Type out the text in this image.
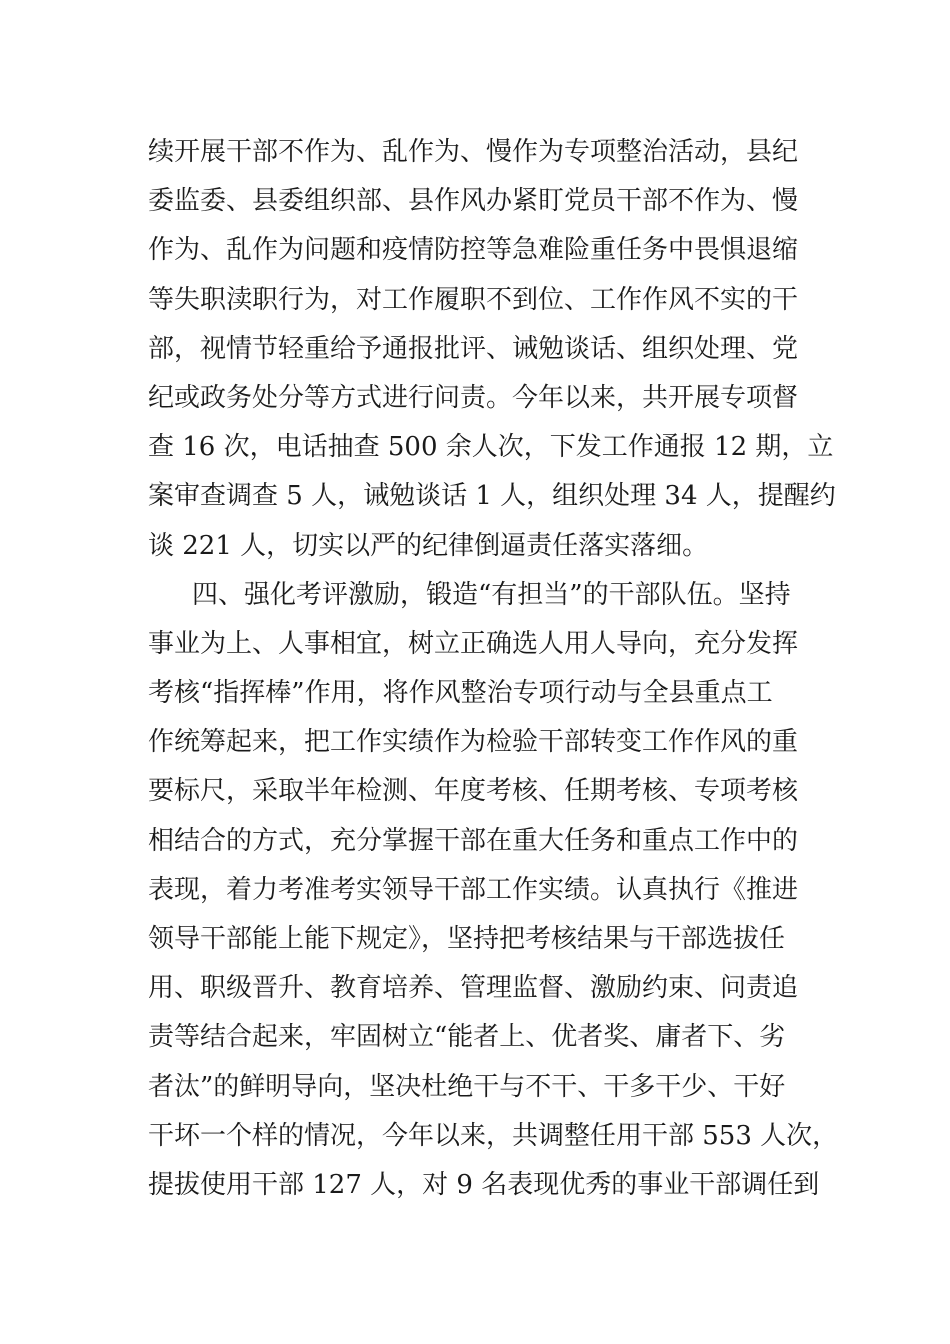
续开展干部不作为、乱作为、慢作为专项整治活动，县纪
委监委、县委组织部、县作风办紧盯党员干部不作为、慢
作为、乱作为问题和疫情防控等急难险重任务中畏惧退缩
等失职渎职行为，对工作履职不到位、工作作风不实的干
部，视情节轻重给予通报批评、诫勉谈话、组织处理、党
纪或政务处分等方式进行问责。今年以来，共开展专项督
查 16 次，电话抽查 500 余人次，下发工作通报 12 期，立
案审查调查 5 人，诫勉谈话 1 人，组织处理 34 人，提醒约
谈 221 人，切实以严的纪律倒逼责任落实落细。
四、强化考评激励，锻造“有担当”的干部队伍。坚持
事业为上、人事相宜，树立正确选人用人导向，充分发挥
考核“指挥棒”作用，将作风整治专项行动与全县重点工
作统筹起来，把工作实绩作为检验干部转变工作作风的重
要标尺，采取半年检测、年度考核、任期考核、专项考核
相结合的方式，充分掌握干部在重大任务和重点工作中的
表现，着力考准考实领导干部工作实绩。认真执行《推进
领导干部能上能下规定》，坚持把考核结果与干部选拔任
用、职级晋升、教育培养、管理监督、激励约束、问责追
责等结合起来，牢固树立“能者上、优者奖、庸者下、劣
者汰”的鲜明导向，坚决杜绝干与不干、干多干少、干好
干坏一个样的情况，今年以来，共调整任用干部 553 人次，
提拔使用干部 127 人，对 9 名表现优秀的事业干部调任到
